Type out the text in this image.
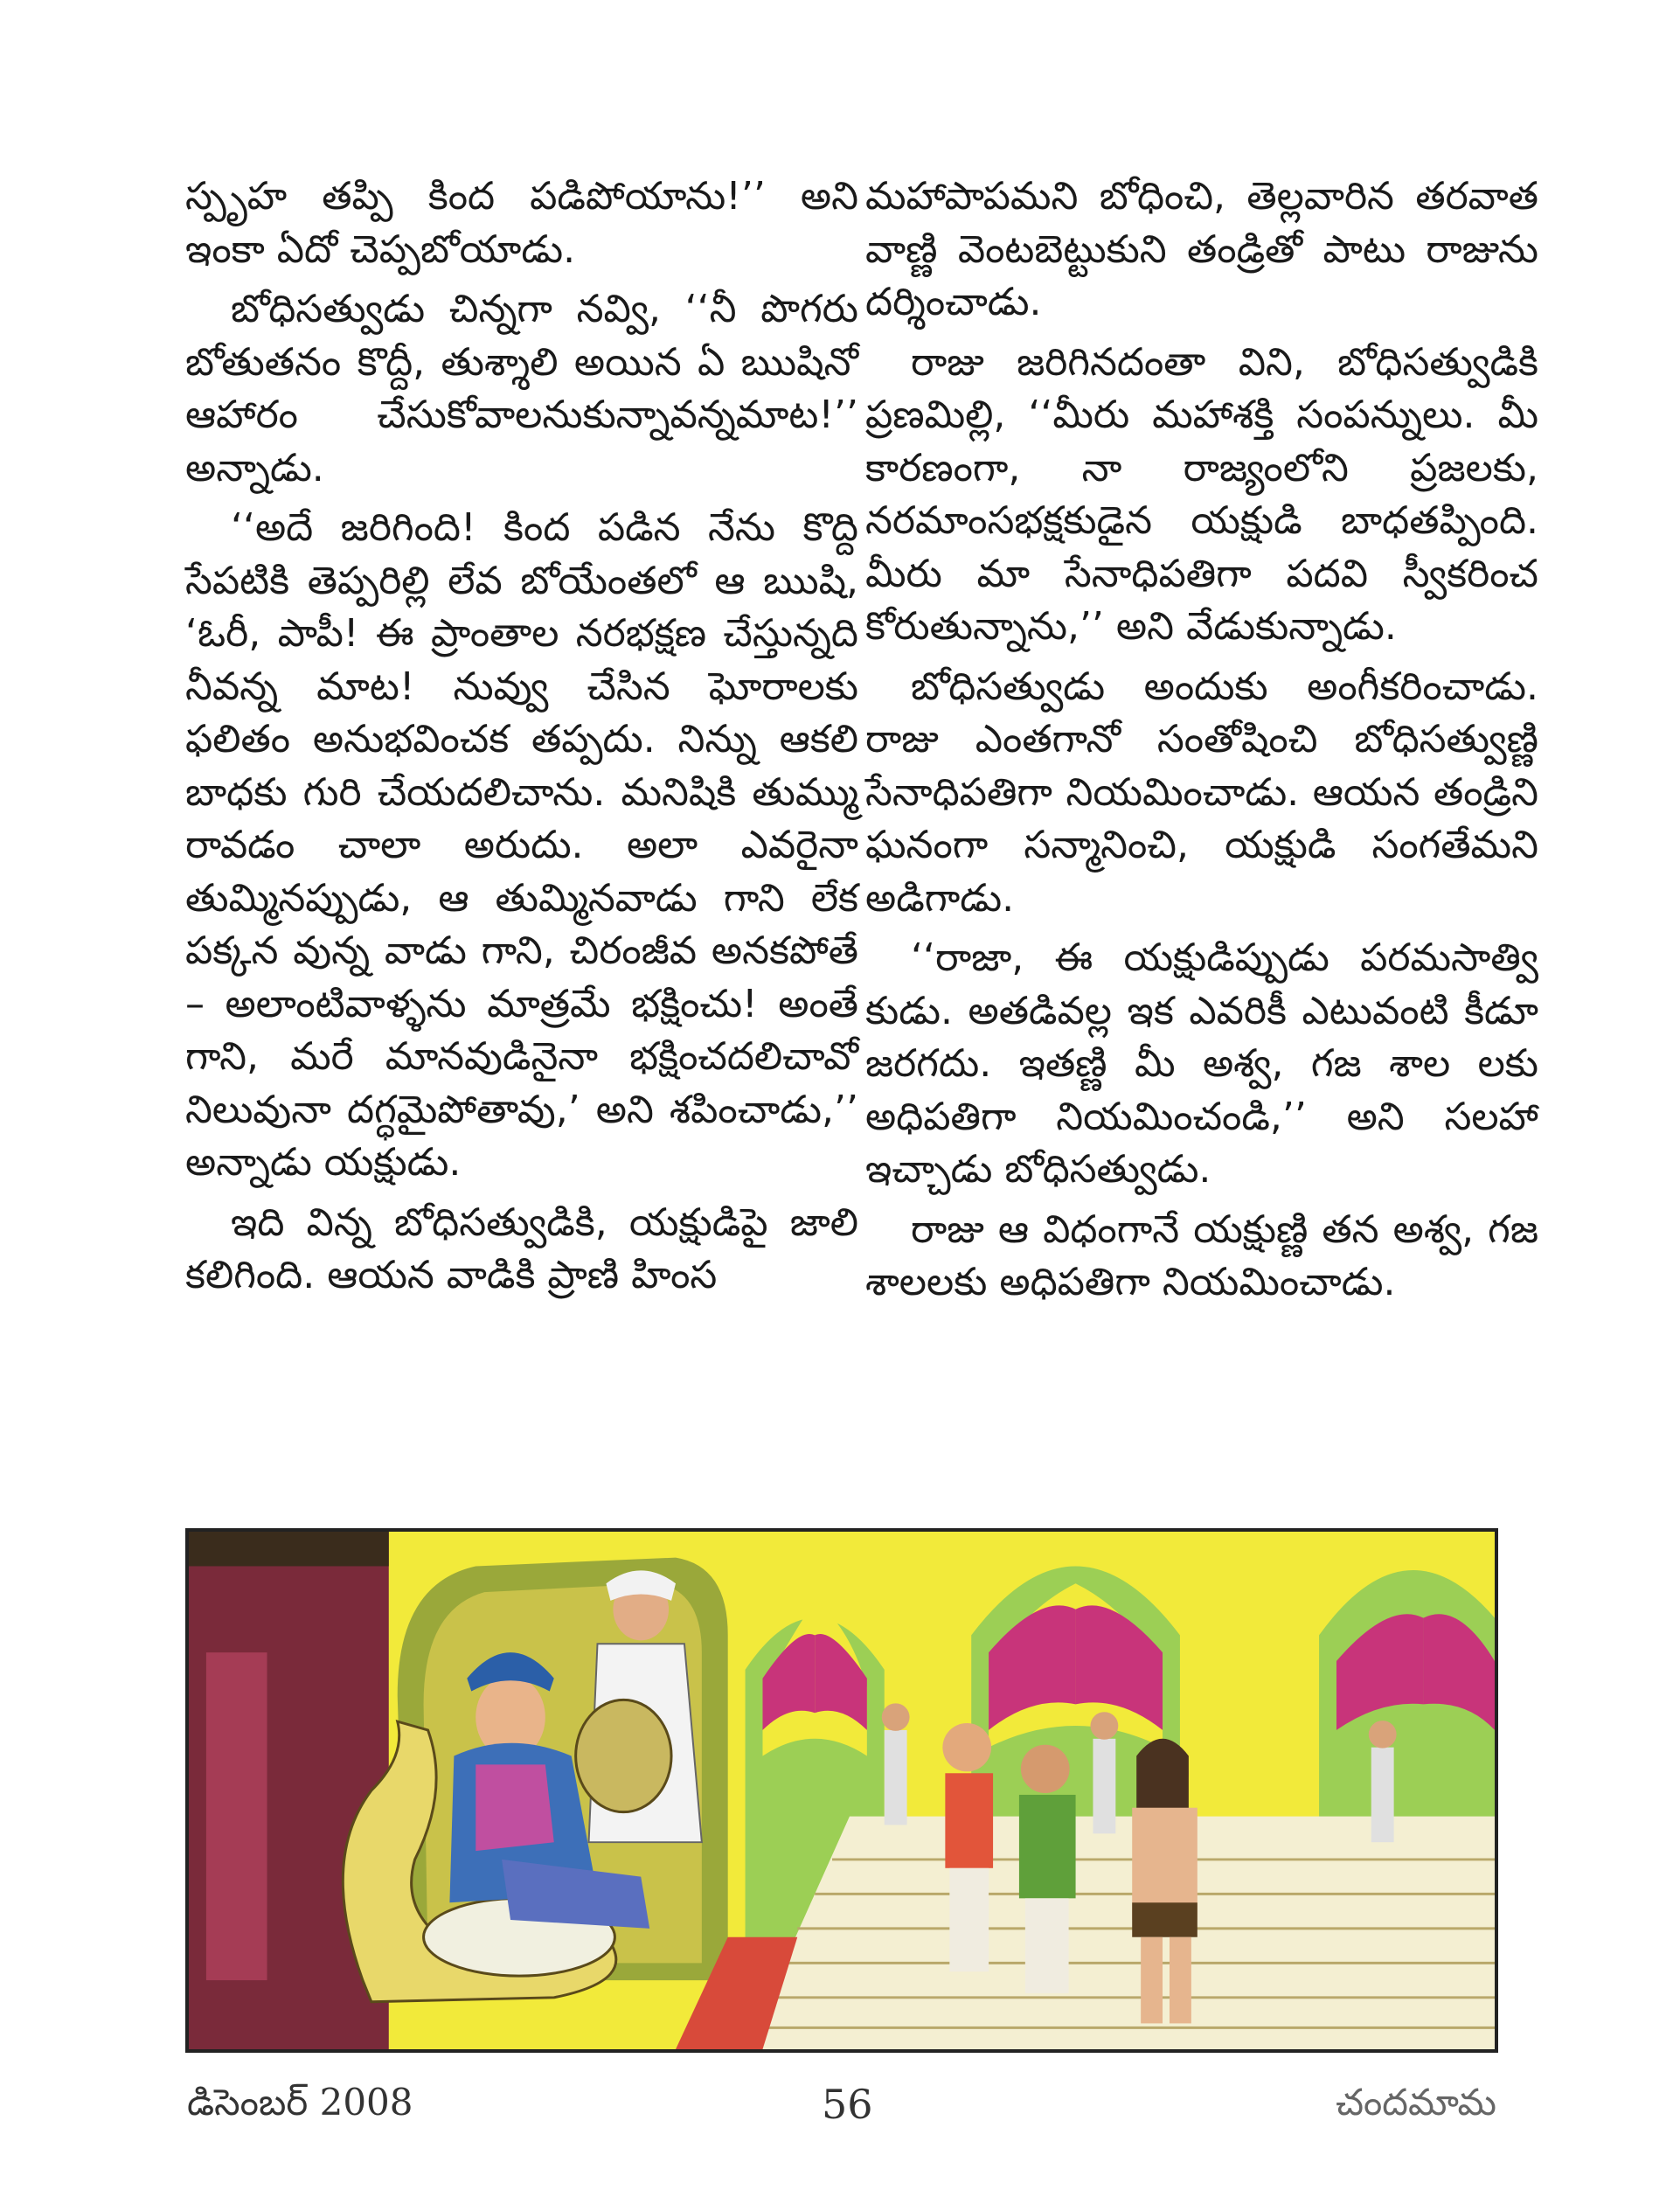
స్పృహ తప్పి కింద పడిపోయాను!’’ అని ఇంకా ఏదో చెప్పబోయాడు.

బోధిసత్వుడు చిన్నగా నవ్వి, ‘‘నీ పొగరు బోతుతనం కొద్దీ, తుశ్శాలి అయిన ఏ ఋషినో ఆహారం చేసుకోవాలనుకున్నావన్నమాట!’’ అన్నాడు.

‘‘అదే జరిగింది! కింద పడిన నేను కొద్ది సేపటికి తెప్పరిల్లి లేవ బోయేంతలో ఆ ఋషి, ‘ఓరీ, పాపీ! ఈ ప్రాంతాల నరభక్షణ చేస్తున్నది నీవన్న మాట! నువ్వు చేసిన ఘోరాలకు ఫలితం అనుభవించక తప్పదు. నిన్ను ఆకలి బాధకు గురి చేయదలిచాను. మనిషికి తుమ్ము రావడం చాలా అరుదు. అలా ఎవరైనా తుమ్మినప్పుడు, ఆ తుమ్మినవాడు గాని లేక పక్కన వున్న వాడు గాని, చిరంజీవ అనకపోతే – అలాంటివాళ్ళను మాత్రమే భక్షించు! అంతే గాని, మరే మానవుడినైనా భక్షించదలిచావో నిలువునా దగ్ధమైపోతావు,’ అని శపించాడు,’’ అన్నాడు యక్షుడు.

ఇది విన్న బోధిసత్వుడికి, యక్షుడిపై జాలి కలిగింది. ఆయన వాడికి ప్రాణి హింస

మహాపాపమని బోధించి, తెల్లవారిన తరవాత వాణ్ణి వెంటబెట్టుకుని తండ్రితో పాటు రాజును దర్శించాడు.

రాజు జరిగినదంతా విని, బోధిసత్వుడికి ప్రణమిల్లి, ‘‘మీరు మహాశక్తి సంపన్నులు. మీ కారణంగా, నా రాజ్యంలోని ప్రజలకు, నరమాంసభక్షకుడైన యక్షుడి బాధతప్పింది. మీరు మా సేనాధిపతిగా పదవి స్వీకరించ కోరుతున్నాను,’’ అని వేడుకున్నాడు.

బోధిసత్వుడు అందుకు అంగీకరించాడు. రాజు ఎంతగానో సంతోషించి బోధిసత్వుణ్ణి సేనాధిపతిగా నియమించాడు. ఆయన తండ్రిని ఘనంగా సన్మానించి, యక్షుడి సంగతేమని అడిగాడు.

‘‘రాజా, ఈ యక్షుడిప్పుడు పరమసాత్వి కుడు. అతడివల్ల ఇక ఎవరికీ ఎటువంటి కీడూ జరగదు. ఇతణ్ణి మీ అశ్వ, గజ శాల లకు అధిపతిగా నియమించండి,’’ అని సలహా ఇచ్చాడు బోధిసత్వుడు.

రాజు ఆ విధంగానే యక్షుణ్ణి తన అశ్వ, గజ శాలలకు అధిపతిగా నియమించాడు.

డిసెంబర్ 2008	56	చందమామ
